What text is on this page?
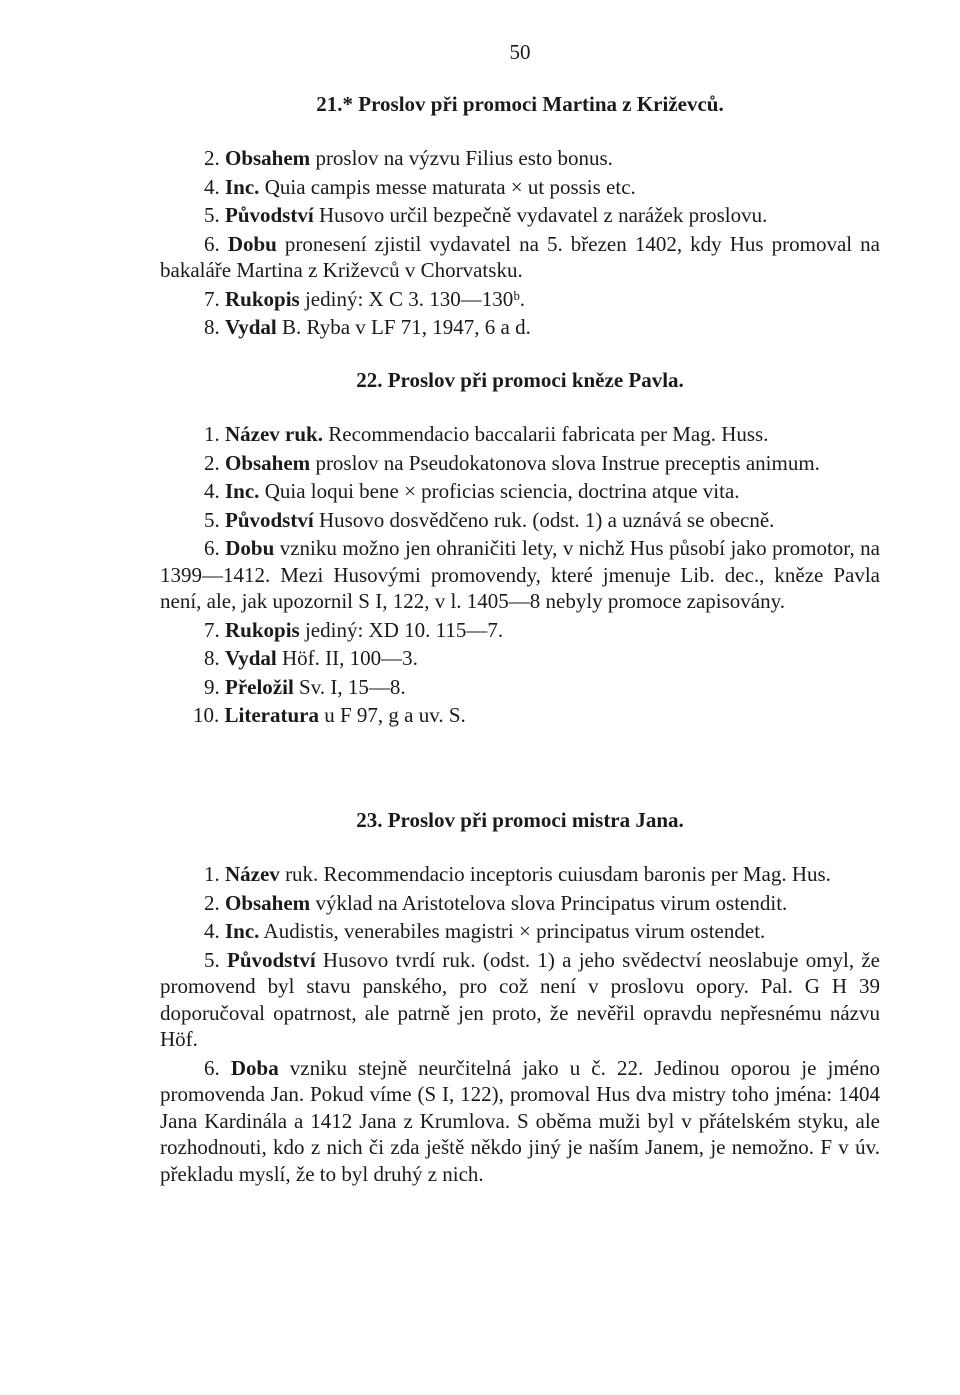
50
21.* Proslov při promoci Martina z Križevců.

2. Obsahem proslov na výzvu Filius esto bonus.

4. Inc. Quia campis messe maturata × ut possis etc.

5. Původství Husovo určil bezpečně vydavatel z narážek proslovu.

6. Dobu pronesení zjistil vydavatel na 5. březen 1402, kdy Hus promoval na bakaláře Martina z Križevců v Chorvatsku.

7. Rukopis jediný: X C 3. 130—130ᵇ.

8. Vydal B. Ryba v LF 71, 1947, 6 a d.

22. Proslov při promoci kněze Pavla.

1. Název ruk. Recommendacio baccalarii fabricata per Mag. Huss.

2. Obsahem proslov na Pseudokatonova slova Instrue preceptis animum.

4. Inc. Quia loqui bene × proficias sciencia, doctrina atque vita.

5. Původství Husovo dosvědčeno ruk. (odst. 1) a uznává se obecně.

6. Dobu vzniku možno jen ohraničiti lety, v nichž Hus působí jako promotor, na 1399—1412. Mezi Husovými promovendy, které jmenuje Lib. dec., kněze Pavla není, ale, jak upozornil S I, 122, v l. 1405—8 nebyly promoce zapisovány.

7. Rukopis jediný: XD 10. 115—7.

8. Vydal Höf. II, 100—3.

9. Přeložil Sv. I, 15—8.

10. Literatura u F 97, g a uv. S.

23. Proslov při promoci mistra Jana.

1. Název ruk. Recommendacio inceptoris cuiusdam baronis per Mag. Hus.

2. Obsahem výklad na Aristotelova slova Principatus virum ostendit.

4. Inc. Audistis, venerabiles magistri × principatus virum ostendet.

5. Původství Husovo tvrdí ruk. (odst. 1) a jeho svědectví neoslabuje omyl, že promovend byl stavu panského, pro což není v proslovu opory. Pal. G H 39 doporučoval opatrnost, ale patrně jen proto, že nevěřil opravdu nepřesnému názvu Höf.

6. Doba vzniku stejně neurčitelná jako u č. 22. Jedinou oporou je jméno promovenda Jan. Pokud víme (S I, 122), promoval Hus dva mistry toho jména: 1404 Jana Kardinála a 1412 Jana z Krumlova. S oběma muži byl v přátelském styku, ale rozhodnouti, kdo z nich či zda ještě někdo jiný je naším Janem, je nemožno. F v úv. překladu myslí, že to byl druhý z nich.
